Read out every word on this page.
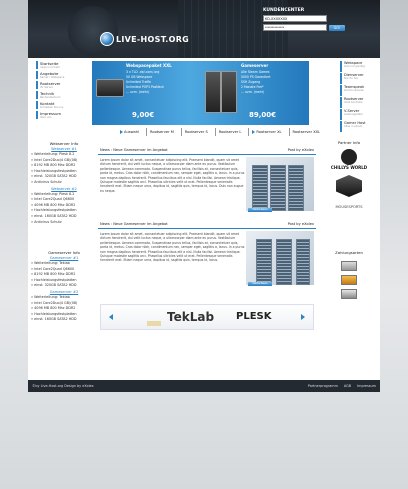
LIVE-HOST.ORG
KUNDENCENTER
KD-XXXXXXX
**************
GO!
Startseite
news und mehr
Angebote
Server / Webspace
Rootserver
Ihr Server
Technik
Rechenzentrum
Kontakt
Schreiben Sie uns
Impressum
über uns
Webspacepaket XXL
3 x TLD .de/.com/.org
50 GB Webspace
Unlimited Traffic
Unlimited POP3 Postfach
... uvm. (mehr)
9,00€
Gameserver
Alle Steam Games
5000 PS Garantiert
SSH Zugang
2 Monate Frei*
... uvm. (mehr)
89,00€
Webspace
Gut und günstig
Dienserver
Nur für Sie
Teamspeak
Kommunizieren
Rootserver
Volle Kontrolle
V-Server
Leistungsstark
Gamer Host
Alles in einem
Auswahl	Rootserver M	Rootserver S	Rootserver L	Rootserver XL	Rootserver XXL
Webserver Info
Webserver #1
» Weiterleitung: Plesk 8.2
» Intel Core2Duo(4 GB)(08)
» 8192 MB 800 Mhz DDR2
» Hochleistungsfestplatten
» einst. 320GB SATA2 HDD
» Antivirus Schutz
Webserver #2
» Weiterleitung: Plesk 8.2
» Intel Core2Quad Q6600
» 4096 MB 800 Mhz DDR2
» Hochleistungsfestplatten
» einst. 160GB SATA2 HDD
» Antivirus Schutz
Gameserver Info
Gameserver #1
» Weiterleitung: Teklab
» Intel Core2Quad Q6600
» 8192 MB 800 Mhz DDR2
» Hochleistungsfestplatten
» einst. 320GB SATA2 HDD
Gameserver #2
» Weiterleitung: Teklab
» Intel Core2Duo(4 GB)(08)
» 4096 MB 800 Mhz DDR2
» Hochleistungsfestplatten
» einst. 160GB SATA2 HDD
News : Neue Gameserver im Angebot	Post by eXolex
Lorem ipsum dolor sit amet, consectetuer adipiscing elit. Praesent blandit, quam sit amet dictum hendrerit, dui velit luctus neque, a ullamcorper diam ante eu purus. Vestibulum pellentesque. Aenean commodo. Suspendisse purus tellus, facilisis at, consectetuer quis, porta id, metus. Cras dolor nibh, condimentum nec, semper eget, sagittis a, lacus. In a purus non magna dapibus hendrerit. Phasellus faucibus elit a nisl. Nulla facilisi. Aenean tristique. Quisque molestie sagittis orci. Phasellus ultricies velit ut erat. Pellentesque venenatis hendrerit erat. Etiam neque urna, dapibus id, sagittis quis, tempus id, lacus. Duis non augue eu neque.
Weiterlesen
News : Neue Gameserver im Angebot	Post by eXolex
Lorem ipsum dolor sit amet, consectetuer adipiscing elit. Praesent blandit, quam sit amet dictum hendrerit, dui velit luctus neque, a ullamcorper diam ante eu purus. Vestibulum pellentesque. Aenean commodo. Suspendisse purus tellus, facilisis at, consectetuer quis, porta id, metus. Cras dolor nibh, condimentum nec, semper eget, sagittis a, lacus. In a purus non magna dapibus hendrerit. Phasellus faucibus elit a nisl. Nulla facilisi. Aenean tristique. Quisque molestie sagittis orci. Phasellus ultricies velit ut erat. Pellentesque venenatis hendrerit erat. Etiam neque urna, dapibus id, sagittis quis, tempus id, lacus.
Weiterlesen
TekLab PLESK
Partner Info
CHILLYS WORLD
MOUSESPORTS
Zahlungsarten
©by Live-Host.org Design by eXolex	Partnerprogramm AGB Impressum
